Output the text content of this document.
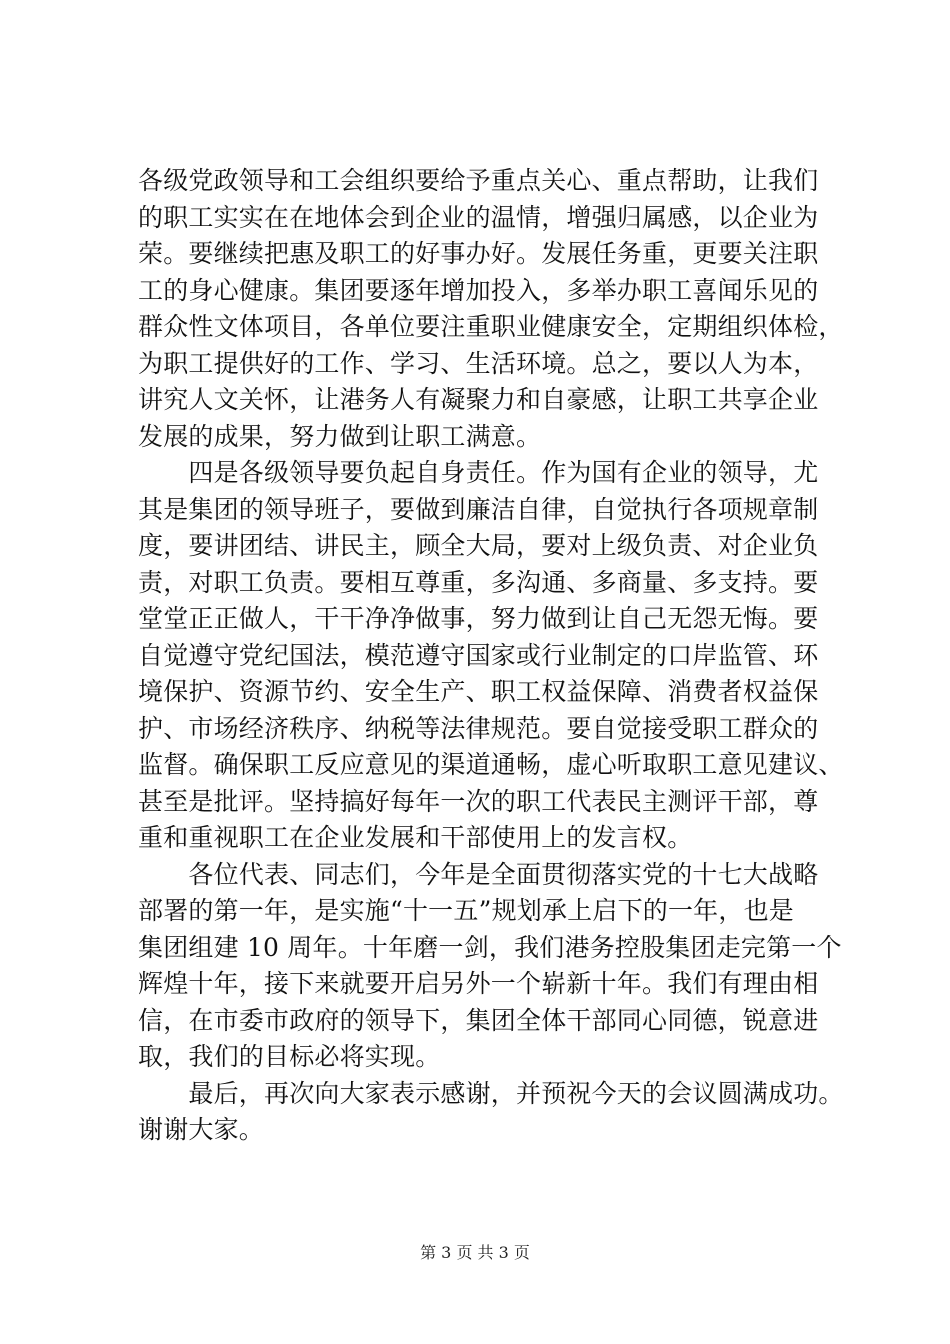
各级党政领导和工会组织要给予重点关心、重点帮助，让我们
的职工实实在在地体会到企业的温情，增强归属感，以企业为
荣。要继续把惠及职工的好事办好。发展任务重，更要关注职
工的身心健康。集团要逐年增加投入，多举办职工喜闻乐见的
群众性文体项目，各单位要注重职业健康安全，定期组织体检，
为职工提供好的工作、学习、生活环境。总之，要以人为本，
讲究人文关怀，让港务人有凝聚力和自豪感，让职工共享企业
发展的成果，努力做到让职工满意。
　　四是各级领导要负起自身责任。作为国有企业的领导，尤
其是集团的领导班子，要做到廉洁自律，自觉执行各项规章制
度，要讲团结、讲民主，顾全大局，要对上级负责、对企业负
责，对职工负责。要相互尊重，多沟通、多商量、多支持。要
堂堂正正做人，干干净净做事，努力做到让自己无怨无悔。要
自觉遵守党纪国法，模范遵守国家或行业制定的口岸监管、环
境保护、资源节约、安全生产、职工权益保障、消费者权益保
护、市场经济秩序、纳税等法律规范。要自觉接受职工群众的
监督。确保职工反应意见的渠道通畅，虚心听取职工意见建议、
甚至是批评。坚持搞好每年一次的职工代表民主测评干部，尊
重和重视职工在企业发展和干部使用上的发言权。
　　各位代表、同志们，今年是全面贯彻落实党的十七大战略
部署的第一年，是实施“十一五”规划承上启下的一年，也是
集团组建 10 周年。十年磨一剑，我们港务控股集团走完第一个
辉煌十年，接下来就要开启另外一个崭新十年。我们有理由相
信，在市委市政府的领导下，集团全体干部同心同德，锐意进
取，我们的目标必将实现。
　　最后，再次向大家表示感谢，并预祝今天的会议圆满成功。
谢谢大家。
第 3 页 共 3 页
